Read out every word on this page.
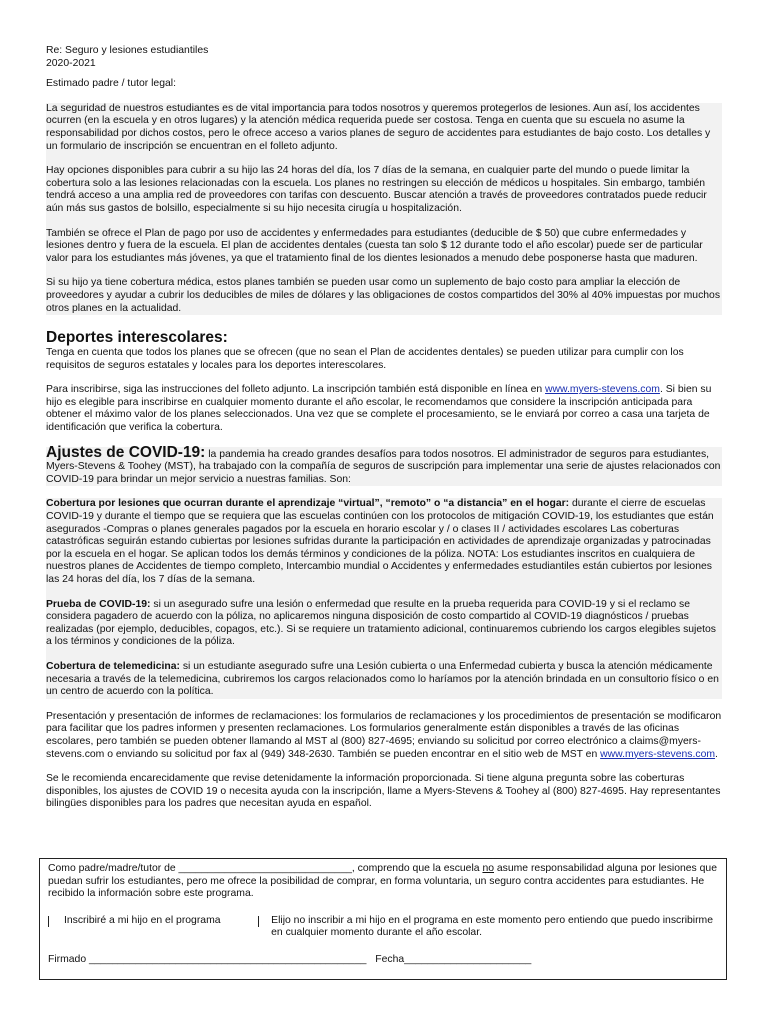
Re: Seguro y lesiones estudiantiles

2020-2021

Estimado padre / tutor legal:

La seguridad de nuestros estudiantes es de vital importancia para todos nosotros y queremos protegerlos de lesiones. Aun así, los accidentes ocurren (en la escuela y en otros lugares) y la atención médica requerida puede ser costosa. Tenga en cuenta que su escuela no asume la responsabilidad por dichos costos, pero le ofrece acceso a varios planes de seguro de accidentes para estudiantes de bajo costo. Los detalles y un formulario de inscripción se encuentran en el folleto adjunto.

Hay opciones disponibles para cubrir a su hijo las 24 horas del día, los 7 días de la semana, en cualquier parte del mundo o puede limitar la cobertura solo a las lesiones relacionadas con la escuela. Los planes no restringen su elección de médicos u hospitales. Sin embargo, también tendrá acceso a una amplia red de proveedores con tarifas con descuento. Buscar atención a través de proveedores contratados puede reducir aún más sus gastos de bolsillo, especialmente si su hijo necesita cirugía u hospitalización.

También se ofrece el Plan de pago por uso de accidentes y enfermedades para estudiantes (deducible de $ 50) que cubre enfermedades y lesiones dentro y fuera de la escuela. El plan de accidentes dentales (cuesta tan solo $ 12 durante todo el año escolar) puede ser de particular valor para los estudiantes más jóvenes, ya que el tratamiento final de los dientes lesionados a menudo debe posponerse hasta que maduren.

Si su hijo ya tiene cobertura médica, estos planes también se pueden usar como un suplemento de bajo costo para ampliar la elección de proveedores y ayudar a cubrir los deducibles de miles de dólares y las obligaciones de costos compartidos del 30% al 40% impuestas por muchos otros planes en la actualidad.

Deportes interescolares:

Tenga en cuenta que todos los planes que se ofrecen (que no sean el Plan de accidentes dentales) se pueden utilizar para cumplir con los requisitos de seguros estatales y locales para los deportes interescolares.

Para inscribirse, siga las instrucciones del folleto adjunto. La inscripción también está disponible en línea en www.myers-stevens.com. Si bien su hijo es elegible para inscribirse en cualquier momento durante el año escolar, le recomendamos que considere la inscripción anticipada para obtener el máximo valor de los planes seleccionados. Una vez que se complete el procesamiento, se le enviará por correo a casa una tarjeta de identificación que verifica la cobertura.

Ajustes de COVID-19: la pandemia ha creado grandes desafíos para todos nosotros. El administrador de seguros para estudiantes, Myers-Stevens & Toohey (MST), ha trabajado con la compañía de seguros de suscripción para implementar una serie de ajustes relacionados con COVID-19 para brindar un mejor servicio a nuestras familias. Son:

Cobertura por lesiones que ocurran durante el aprendizaje “virtual”, “remoto” o “a distancia” en el hogar: durante el cierre de escuelas COVID-19 y durante el tiempo que se requiera que las escuelas continúen con los protocolos de mitigación COVID-19, los estudiantes que están asegurados -Compras o planes generales pagados por la escuela en horario escolar y / o clases II / actividades escolares Las coberturas catastróficas seguirán estando cubiertas por lesiones sufridas durante la participación en actividades de aprendizaje organizadas y patrocinadas por la escuela en el hogar. Se aplican todos los demás términos y condiciones de la póliza. NOTA: Los estudiantes inscritos en cualquiera de nuestros planes de Accidentes de tiempo completo, Intercambio mundial o Accidentes y enfermedades estudiantiles están cubiertos por lesiones las 24 horas del día, los 7 días de la semana.

Prueba de COVID-19: si un asegurado sufre una lesión o enfermedad que resulte en la prueba requerida para COVID-19 y si el reclamo se considera pagadero de acuerdo con la póliza, no aplicaremos ninguna disposición de costo compartido al COVID-19 diagnósticos / pruebas realizadas (por ejemplo, deducibles, copagos, etc.). Si se requiere un tratamiento adicional, continuaremos cubriendo los cargos elegibles sujetos a los términos y condiciones de la póliza.

Cobertura de telemedicina: si un estudiante asegurado sufre una Lesión cubierta o una Enfermedad cubierta y busca la atención médicamente necesaria a través de la telemedicina, cubriremos los cargos relacionados como lo haríamos por la atención brindada en un consultorio físico o en un centro de acuerdo con la política.

Presentación y presentación de informes de reclamaciones: los formularios de reclamaciones y los procedimientos de presentación se modificaron para facilitar que los padres informen y presenten reclamaciones. Los formularios generalmente están disponibles a través de las oficinas escolares, pero también se pueden obtener llamando al MST al (800) 827-4695; enviando su solicitud por correo electrónico a claims@myers-stevens.com o enviando su solicitud por fax al (949) 348-2630. También se pueden encontrar en el sitio web de MST en www.myers-stevens.com.

Se le recomienda encarecidamente que revise detenidamente la información proporcionada. Si tiene alguna pregunta sobre las coberturas disponibles, los ajustes de COVID 19 o necesita ayuda con la inscripción, llame a Myers-Stevens & Toohey al (800) 827-4695. Hay representantes bilingües disponibles para los padres que necesitan ayuda en español.

Como padre/madre/tutor de ______________________________, comprendo que la escuela no asume responsabilidad alguna por lesiones que puedan sufrir los estudiantes, pero me ofrece la posibilidad de comprar, en forma voluntaria, un seguro contra accidentes para estudiantes. He recibido la información sobre este programa.

Inscribiré a mi hijo en el programa	Elijo no inscribir a mi hijo en el programa en este momento pero entiendo que puedo inscribirme en cualquier momento durante el año escolar.
Firmado ________________________________________________ Fecha______________________
